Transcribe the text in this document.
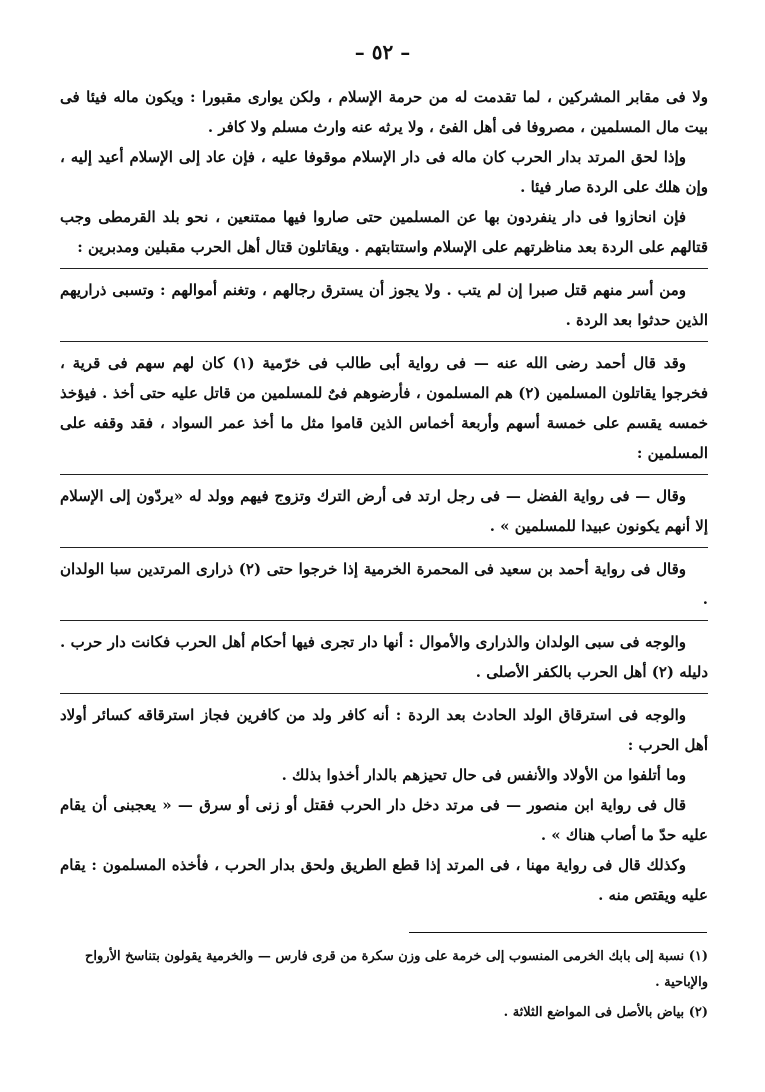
– ٥٢ –

ولا فى مقابر المشركين ، لما تقدمت له من حرمة الإسلام ، ولكن يوارى مقبورا : ويكون ماله فيئا فى بيت مال المسلمين ، مصروفا فى أهل الفئ ، ولا يرثه عنه وارث مسلم ولا كافر .

وإذا لحق المرتد بدار الحرب كان ماله فى دار الإسلام موقوفا عليه ، فإن عاد إلى الإسلام أعيد إليه ، وإن هلك على الردة صار فيئا .

فإن انحازوا فى دار ينفردون بها عن المسلمين حتى صاروا فيها ممتنعين ، نحو بلد القرمطى وجب قتالهم على الردة بعد مناظرتهم على الإسلام واستتابتهم . ويقاتلون قتال أهل الحرب مقبلين ومدبرين :

ومن أسر منهم قتل صبرا إن لم يتب . ولا يجوز أن يسترق رجالهم ، وتغنم أموالهم : وتسبى ذراريهم الذين حدثوا بعد الردة .

وقد قال أحمد رضى الله عنه — فى رواية أبى طالب فى خرّمية (١) كان لهم سهم فى قرية ، فخرجوا يقاتلون المسلمين (٢) هم المسلمون ، فأرضوهم فىٌ للمسلمين من قاتل عليه حتى أخذ . فيؤخذ خمسه يقسم على خمسة أسهم وأربعة أخماس الذين قاموا مثل ما أخذ عمر السواد ، فقد وقفه على المسلمين :

وقال — فى رواية الفضل — فى رجل ارتد فى أرض الترك وتزوج فيهم وولد له «يردّون إلى الإسلام إلا أنهم يكونون عبيدا للمسلمين » .

وقال فى رواية أحمد بن سعيد فى المحمرة الخرمية إذا خرجوا حتى (٢) ذرارى المرتدين سبا الولدان .

والوجه فى سبى الولدان والذرارى والأموال : أنها دار تجرى فيها أحكام أهل الحرب فكانت دار حرب . دليله (٢) أهل الحرب بالكفر الأصلى .

والوجه فى استرقاق الولد الحادث بعد الردة : أنه كافر ولد من كافرين فجاز استرقاقه كسائر أولاد أهل الحرب :

وما أتلفوا من الأولاد والأنفس فى حال تحيزهم بالدار أخذوا بذلك .

قال فى رواية ابن منصور — فى مرتد دخل دار الحرب فقتل أو زنى أو سرق — « يعجبنى أن يقام عليه حدّ ما أصاب هناك » .

وكذلك قال فى رواية مهنا ، فى المرتد إذا قطع الطريق ولحق بدار الحرب ، فأخذه المسلمون : يقام عليه ويقتص منه .

(١) نسبة إلى بابك الخرمى المنسوب إلى خرمة على وزن سكرة من قرى فارس — والخرمية يقولون بتناسخ الأرواح والإباحية .

(٢) بياض بالأصل فى المواضع الثلاثة .
